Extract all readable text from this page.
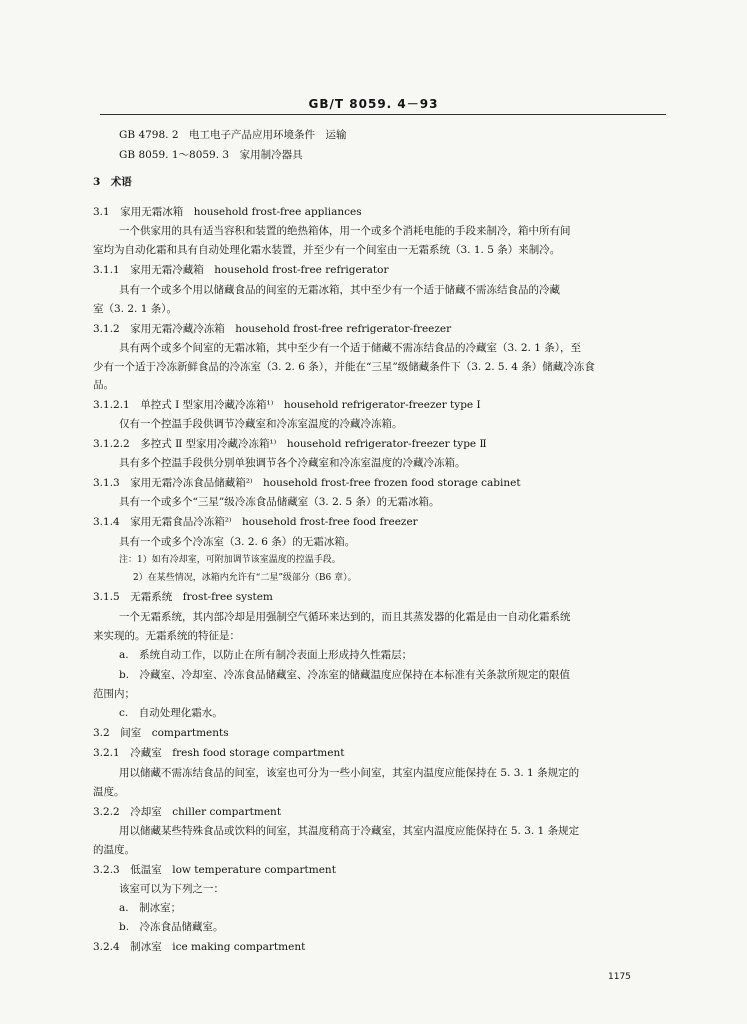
GB/T 8059. 4－93
GB 4798. 2　电工电子产品应用环境条件　运输
GB 8059. 1～8059. 3　家用制冷器具
3　术语
3.1　家用无霜冰箱　household frost-free appliances
一个供家用的具有适当容积和装置的绝热箱体，用一个或多个消耗电能的手段来制冷，箱中所有间
室均为自动化霜和具有自动处理化霜水装置，并至少有一个间室由一无霜系统（3. 1. 5 条）来制冷。
3.1.1　家用无霜冷藏箱　household frost-free refrigerator
具有一个或多个用以储藏食品的间室的无霜冰箱，其中至少有一个适于储藏不需冻结食品的冷藏
室（3. 2. 1 条）。
3.1.2　家用无霜冷藏冷冻箱　household frost-free refrigerator-freezer
具有两个或多个间室的无霜冰箱，其中至少有一个适于储藏不需冻结食品的冷藏室（3. 2. 1 条），至
少有一个适于冷冻新鲜食品的冷冻室（3. 2. 6 条），并能在“三星”级储藏条件下（3. 2. 5. 4 条）储藏冷冻食
品。
3.1.2.1　单控式 I 型家用冷藏冷冻箱¹⁾　household refrigerator-freezer type Ⅰ
仅有一个控温手段供调节冷藏室和冷冻室温度的冷藏冷冻箱。
3.1.2.2　多控式 Ⅱ 型家用冷藏冷冻箱¹⁾　household refrigerator-freezer type Ⅱ
具有多个控温手段供分别单独调节各个冷藏室和冷冻室温度的冷藏冷冻箱。
3.1.3　家用无霜冷冻食品储藏箱²⁾　household frost-free frozen food storage cabinet
具有一个或多个“三星”级冷冻食品储藏室（3. 2. 5 条）的无霜冰箱。
3.1.4　家用无霜食品冷冻箱²⁾　household frost-free food freezer
具有一个或多个冷冻室（3. 2. 6 条）的无霜冰箱。
注：1）如有冷却室，可附加调节该室温度的控温手段。
2）在某些情况，冰箱内允许有“二星”级部分（B6 章）。
3.1.5　无霜系统　frost-free system
一个无霜系统，其内部冷却是用强制空气循环来达到的，而且其蒸发器的化霜是由一自动化霜系统
来实现的。无霜系统的特征是：
a.　系统自动工作，以防止在所有制冷表面上形成持久性霜层；
b.　冷藏室、冷却室、冷冻食品储藏室、冷冻室的储藏温度应保持在本标准有关条款所规定的限值
范围内；
c.　自动处理化霜水。
3.2　间室　compartments
3.2.1　冷藏室　fresh food storage compartment
用以储藏不需冻结食品的间室，该室也可分为一些小间室，其室内温度应能保持在 5. 3. 1 条规定的
温度。
3.2.2　冷却室　chiller compartment
用以储藏某些特殊食品或饮料的间室，其温度稍高于冷藏室，其室内温度应能保持在 5. 3. 1 条规定
的温度。
3.2.3　低温室　low temperature compartment
该室可以为下列之一：
a.　制冰室；
b.　冷冻食品储藏室。
3.2.4　制冰室　ice making compartment
1175
